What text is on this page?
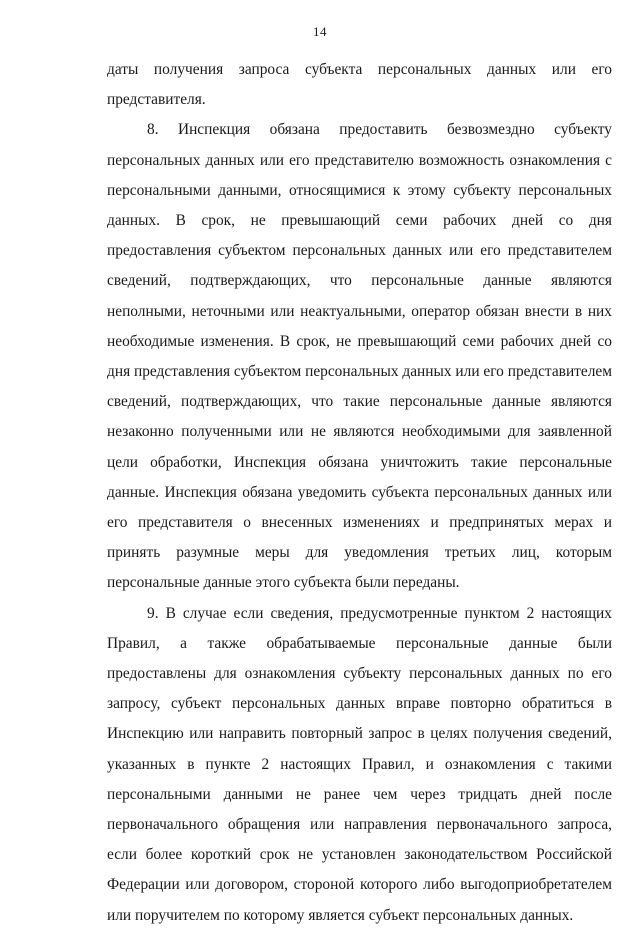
14

даты получения запроса субъекта персональных данных или его представителя.

8. Инспекция обязана предоставить безвозмездно субъекту персональных данных или его представителю возможность ознакомления с персональными данными, относящимися к этому субъекту персональных данных. В срок, не превышающий семи рабочих дней со дня предоставления субъектом персональных данных или его представителем сведений, подтверждающих, что персональные данные являются неполными, неточными или неактуальными, оператор обязан внести в них необходимые изменения. В срок, не превышающий семи рабочих дней со дня представления субъектом персональных данных или его представителем сведений, подтверждающих, что такие персональные данные являются незаконно полученными или не являются необходимыми для заявленной цели обработки, Инспекция обязана уничтожить такие персональные данные. Инспекция обязана уведомить субъекта персональных данных или его представителя о внесенных изменениях и предпринятых мерах и принять разумные меры для уведомления третьих лиц, которым персональные данные этого субъекта были переданы.

9. В случае если сведения, предусмотренные пунктом 2 настоящих Правил, а также обрабатываемые персональные данные были предоставлены для ознакомления субъекту персональных данных по его запросу, субъект персональных данных вправе повторно обратиться в Инспекцию или направить повторный запрос в целях получения сведений, указанных в пункте 2 настоящих Правил, и ознакомления с такими персональными данными не ранее чем через тридцать дней после первоначального обращения или направления первоначального запроса, если более короткий срок не установлен законодательством Российской Федерации или договором, стороной которого либо выгодоприобретателем или поручителем по которому является субъект персональных данных.
